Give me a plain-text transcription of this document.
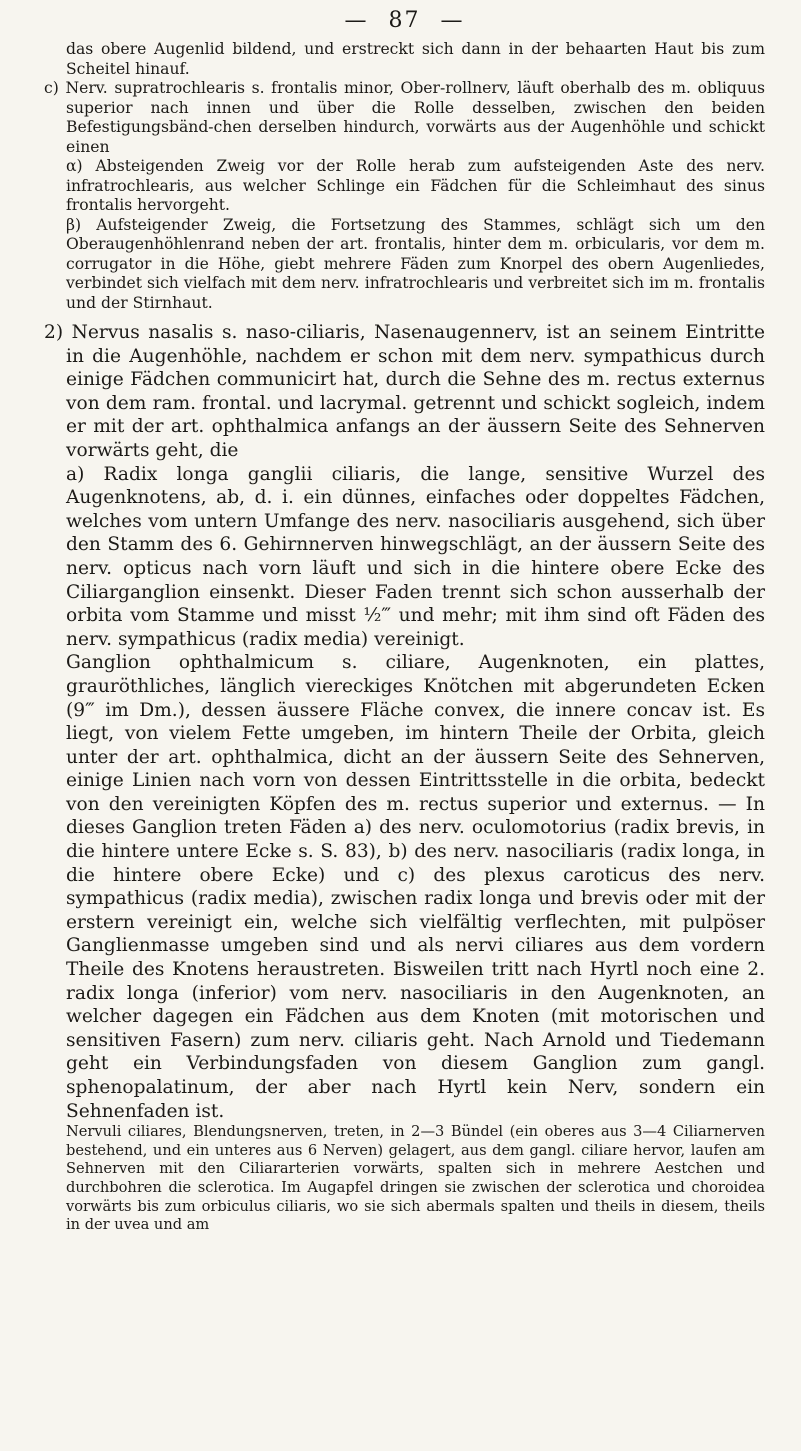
— 87 —

das obere Augenlid bildend, und erstreckt sich dann in der behaarten Haut bis zum Scheitel hinauf.

c) Nerv. supratrochlearis s. frontalis minor, Ober-rollnerv, läuft oberhalb des m. obliquus superior nach innen und über die Rolle desselben, zwischen den beiden Befestigungsbänd-chen derselben hindurch, vorwärts aus der Augenhöhle und schickt einen

α) Absteigenden Zweig vor der Rolle herab zum aufsteigenden Aste des nerv. infratrochlearis, aus welcher Schlinge ein Fädchen für die Schleimhaut des sinus frontalis hervorgeht.

β) Aufsteigender Zweig, die Fortsetzung des Stammes, schlägt sich um den Oberaugenhöhlenrand neben der art. frontalis, hinter dem m. orbicularis, vor dem m. corrugator in die Höhe, giebt mehrere Fäden zum Knorpel des obern Augenliedes, verbindet sich vielfach mit dem nerv. infratrochlearis und verbreitet sich im m. frontalis und der Stirnhaut.

2) Nervus nasalis s. naso-ciliaris, Nasenaugennerv, ist an seinem Eintritte in die Augenhöhle, nachdem er schon mit dem nerv. sympathicus durch einige Fädchen communicirt hat, durch die Sehne des m. rectus externus von dem ram. frontal. und lacrymal. getrennt und schickt sogleich, indem er mit der art. ophthalmica anfangs an der äussern Seite des Sehnerven vorwärts geht, die

a) Radix longa ganglii ciliaris, die lange, sensitive Wurzel des Augenknotens, ab, d. i. ein dünnes, einfaches oder doppeltes Fädchen, welches vom untern Umfange des nerv. nasociliaris ausgehend, sich über den Stamm des 6. Gehirnnerven hinwegschlägt, an der äussern Seite des nerv. opticus nach vorn läuft und sich in die hintere obere Ecke des Ciliarganglion einsenkt. Dieser Faden trennt sich schon ausserhalb der orbita vom Stamme und misst ½‴ und mehr; mit ihm sind oft Fäden des nerv. sympathicus (radix media) vereinigt.

Ganglion ophthalmicum s. ciliare, Augenknoten, ein plattes, grauröthliches, länglich viereckiges Knötchen mit abgerundeten Ecken (9‴ im Dm.), dessen äussere Fläche convex, die innere concav ist. Es liegt, von vielem Fette umgeben, im hintern Theile der Orbita, gleich unter der art. ophthalmica, dicht an der äussern Seite des Sehnerven, einige Linien nach vorn von dessen Eintrittsstelle in die orbita, bedeckt von den vereinigten Köpfen des m. rectus superior und externus. — In dieses Ganglion treten Fäden a) des nerv. oculomotorius (radix brevis, in die hintere untere Ecke s. S. 83), b) des nerv. nasociliaris (radix longa, in die hintere obere Ecke) und c) des plexus caroticus des nerv. sympathicus (radix media), zwischen radix longa und brevis oder mit der erstern vereinigt ein, welche sich vielfältig verflechten, mit pulpöser Ganglienmasse umgeben sind und als nervi ciliares aus dem vordern Theile des Knotens heraustreten. Bisweilen tritt nach Hyrtl noch eine 2. radix longa (inferior) vom nerv. nasociliaris in den Augenknoten, an welcher dagegen ein Fädchen aus dem Knoten (mit motorischen und sensitiven Fasern) zum nerv. ciliaris geht. Nach Arnold und Tiedemann geht ein Verbindungsfaden von diesem Ganglion zum gangl. sphenopalatinum, der aber nach Hyrtl kein Nerv, sondern ein Sehnenfaden ist.

Nervuli ciliares, Blendungsnerven, treten, in 2—3 Bündel (ein oberes aus 3—4 Ciliarnerven bestehend, und ein unteres aus 6 Nerven) gelagert, aus dem gangl. ciliare hervor, laufen am Sehnerven mit den Ciliararterien vorwärts, spalten sich in mehrere Aestchen und durchbohren die sclerotica. Im Augapfel dringen sie zwischen der sclerotica und choroidea vorwärts bis zum orbiculus ciliaris, wo sie sich abermals spalten und theils in diesem, theils in der uvea und am
